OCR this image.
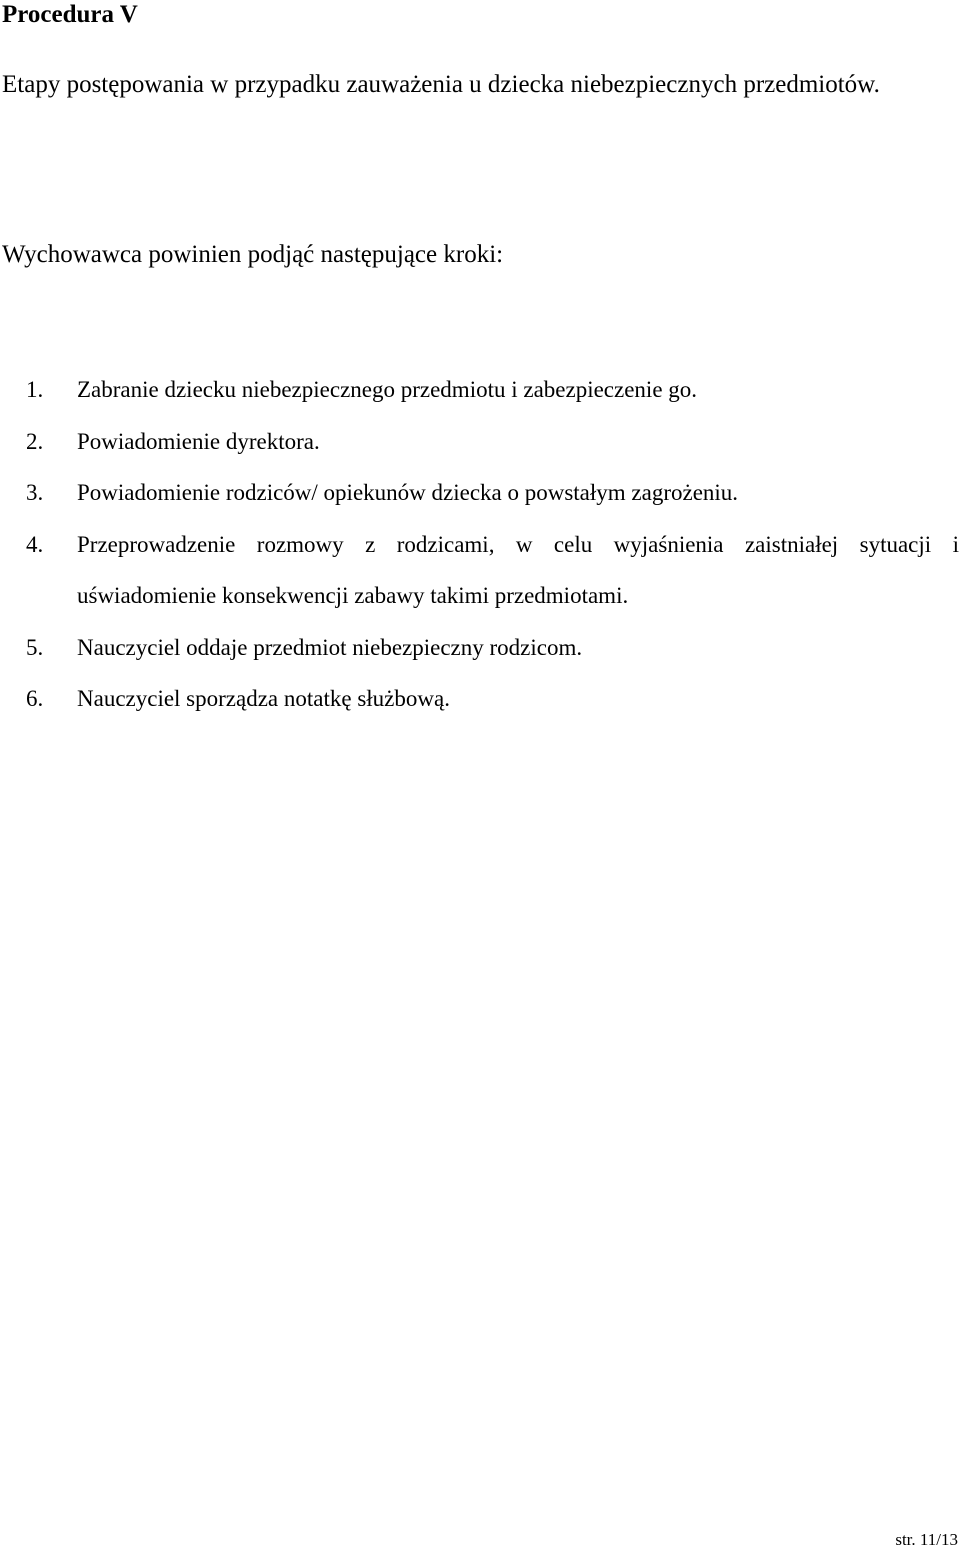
Procedura V

Etapy postępowania w przypadku zauważenia u dziecka niebezpiecznych przedmiotów.

Wychowawca powinien podjąć następujące kroki:

1.	Zabranie dziecku niebezpiecznego przedmiotu i zabezpieczenie go.
2.	Powiadomienie dyrektora.
3.	Powiadomienie rodziców/ opiekunów dziecka o powstałym zagrożeniu.
4.	Przeprowadzenie rozmowy z rodzicami, w celu wyjaśnienia zaistniałej sytuacji i uświadomienie konsekwencji zabawy takimi przedmiotami.
5.	Nauczyciel oddaje przedmiot niebezpieczny rodzicom.
6.	Nauczyciel sporządza notatkę służbową.

str. 11/13
